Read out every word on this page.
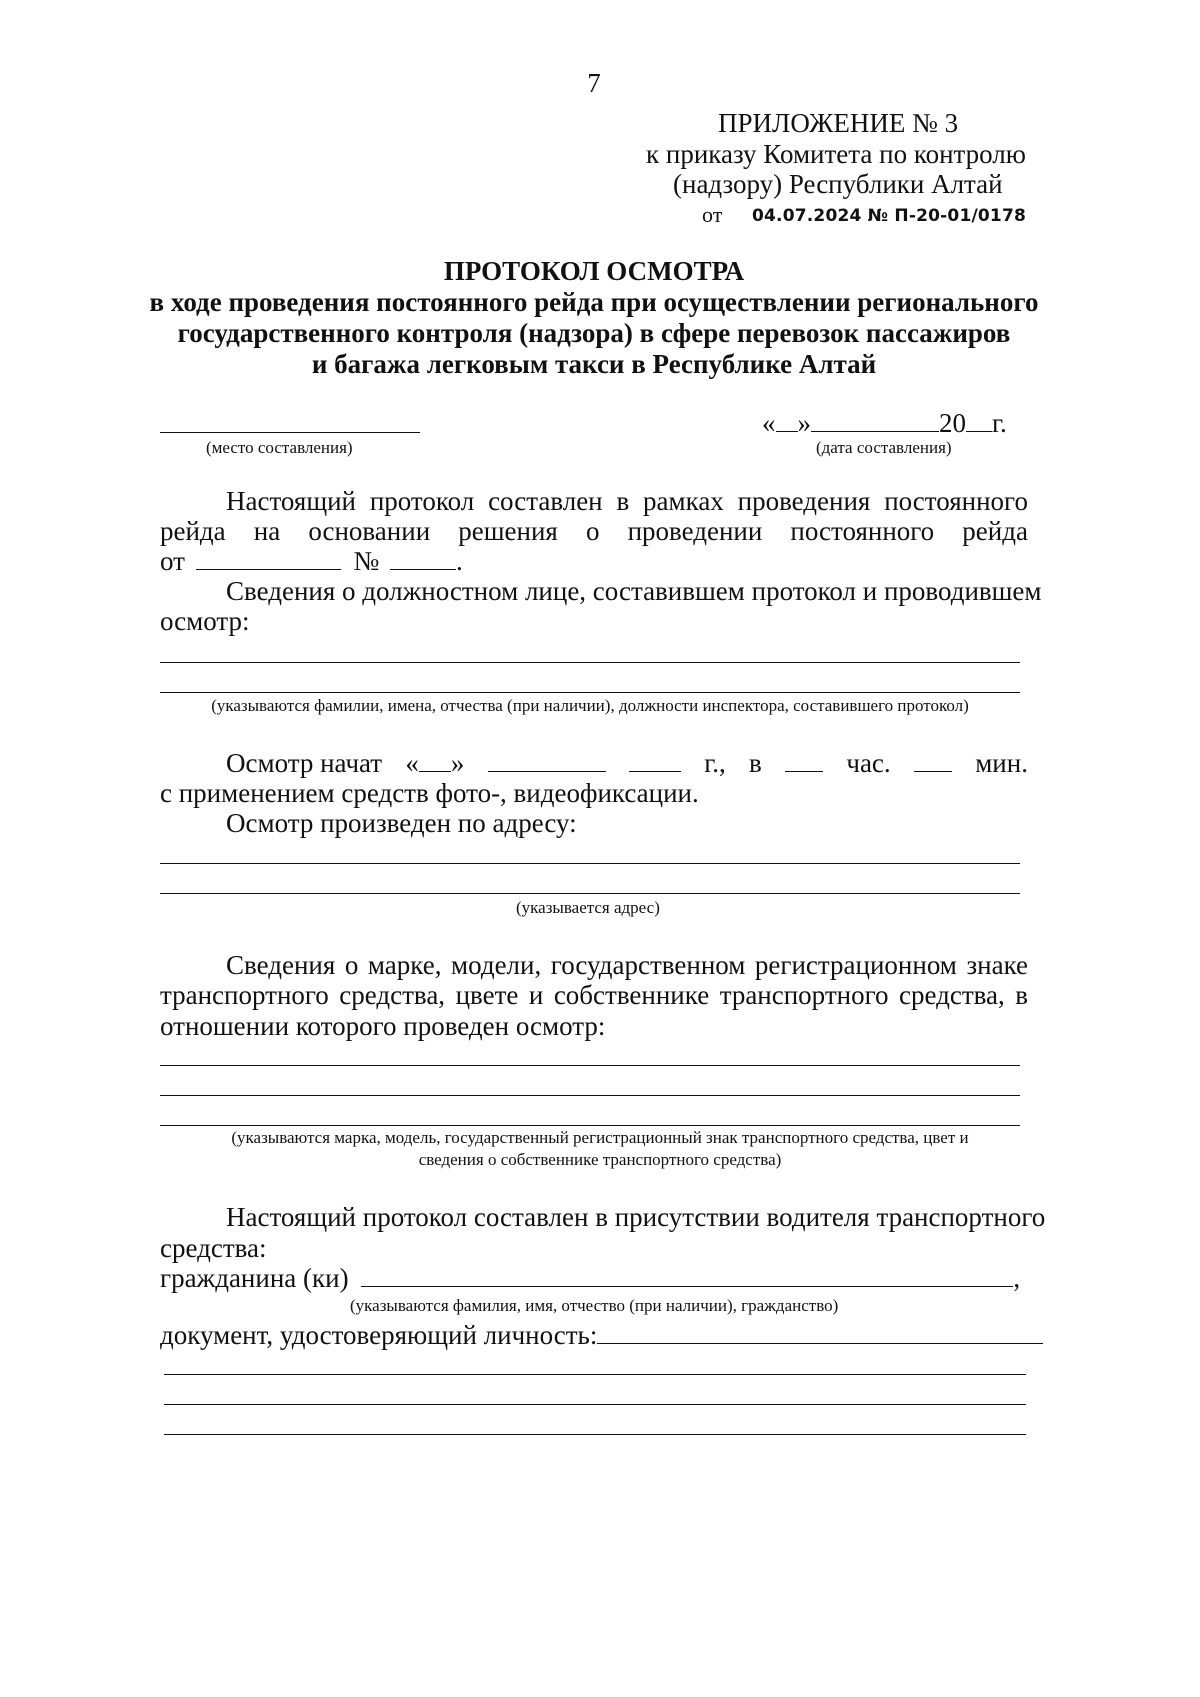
7
ПРИЛОЖЕНИЕ № 3
к приказу Комитета по контролю
(надзору) Республики Алтай
от 04.07.2024 № П-20-01/0178
ПРОТОКОЛ ОСМОТРА
в ходе проведения постоянного рейда при осуществлении регионального
государственного контроля (надзора) в сфере перевозок пассажиров
и багажа легковым такси в Республике Алтай
(место составления)
« »	20 г.
(дата составления)
Настоящий протокол составлен в рамках проведения постоянного
рейда на основании решения о проведении постоянного рейда
от	№	.
Сведения о должностном лице, составившем протокол и проводившем
осмотр:
(указываются фамилии, имена, отчества (при наличии), должности инспектора, составившего протокол)
Осмотр начат « »	г., в	час.	мин.
с применением средств фото-, видеофиксации.
Осмотр произведен по адресу:
(указывается адрес)
Сведения о марке, модели, государственном регистрационном знаке
транспортного средства, цвете и собственнике транспортного средства, в
отношении которого проведен осмотр:
(указываются марка, модель, государственный регистрационный знак транспортного средства, цвет и
сведения о собственнике транспортного средства)
Настоящий протокол составлен в присутствии водителя транспортного
средства:
гражданина (ки)	,
(указываются фамилия, имя, отчество (при наличии), гражданство)
документ, удостоверяющий личность:
